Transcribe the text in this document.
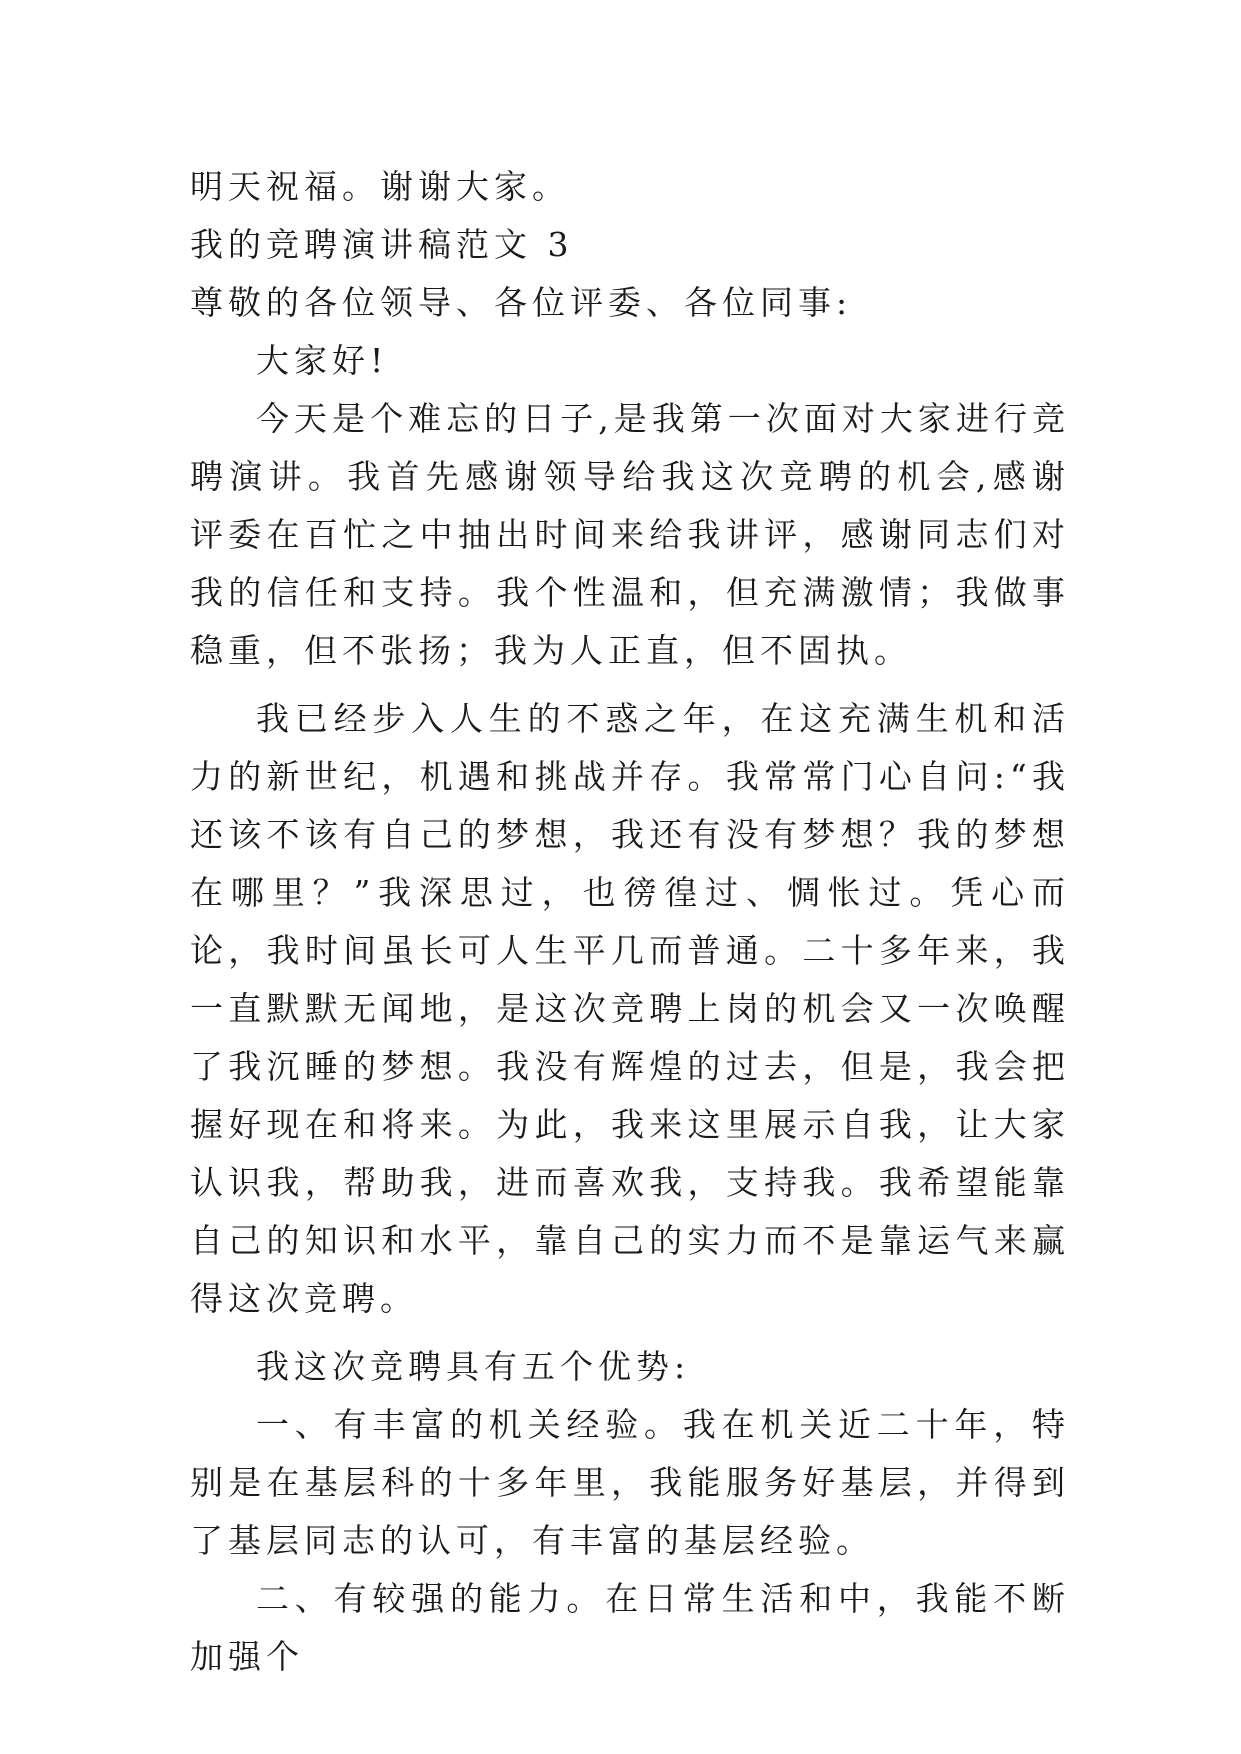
明天祝福。谢谢大家。

我的竞聘演讲稿范文 3

尊敬的各位领导、各位评委、各位同事:

大家好!

今天是个难忘的日子,是我第一次面对大家进行竞聘演讲。我首先感谢领导给我这次竞聘的机会,感谢评委在百忙之中抽出时间来给我讲评，感谢同志们对我的信任和支持。我个性温和，但充满激情；我做事稳重，但不张扬；我为人正直，但不固执。

我已经步入人生的不惑之年，在这充满生机和活力的新世纪，机遇和挑战并存。我常常门心自问:“我还该不该有自己的梦想，我还有没有梦想？我的梦想在哪里？”我深思过，也徬徨过、惆怅过。凭心而论，我时间虽长可人生平几而普通。二十多年来，我一直默默无闻地，是这次竞聘上岗的机会又一次唤醒了我沉睡的梦想。我没有辉煌的过去，但是，我会把握好现在和将来。为此，我来这里展示自我，让大家认识我，帮助我，进而喜欢我，支持我。我希望能靠自己的知识和水平，靠自己的实力而不是靠运气来赢得这次竞聘。

我这次竞聘具有五个优势:

一、有丰富的机关经验。我在机关近二十年，特别是在基层科的十多年里，我能服务好基层，并得到了基层同志的认可，有丰富的基层经验。

二、有较强的能力。在日常生活和中，我能不断加强个
